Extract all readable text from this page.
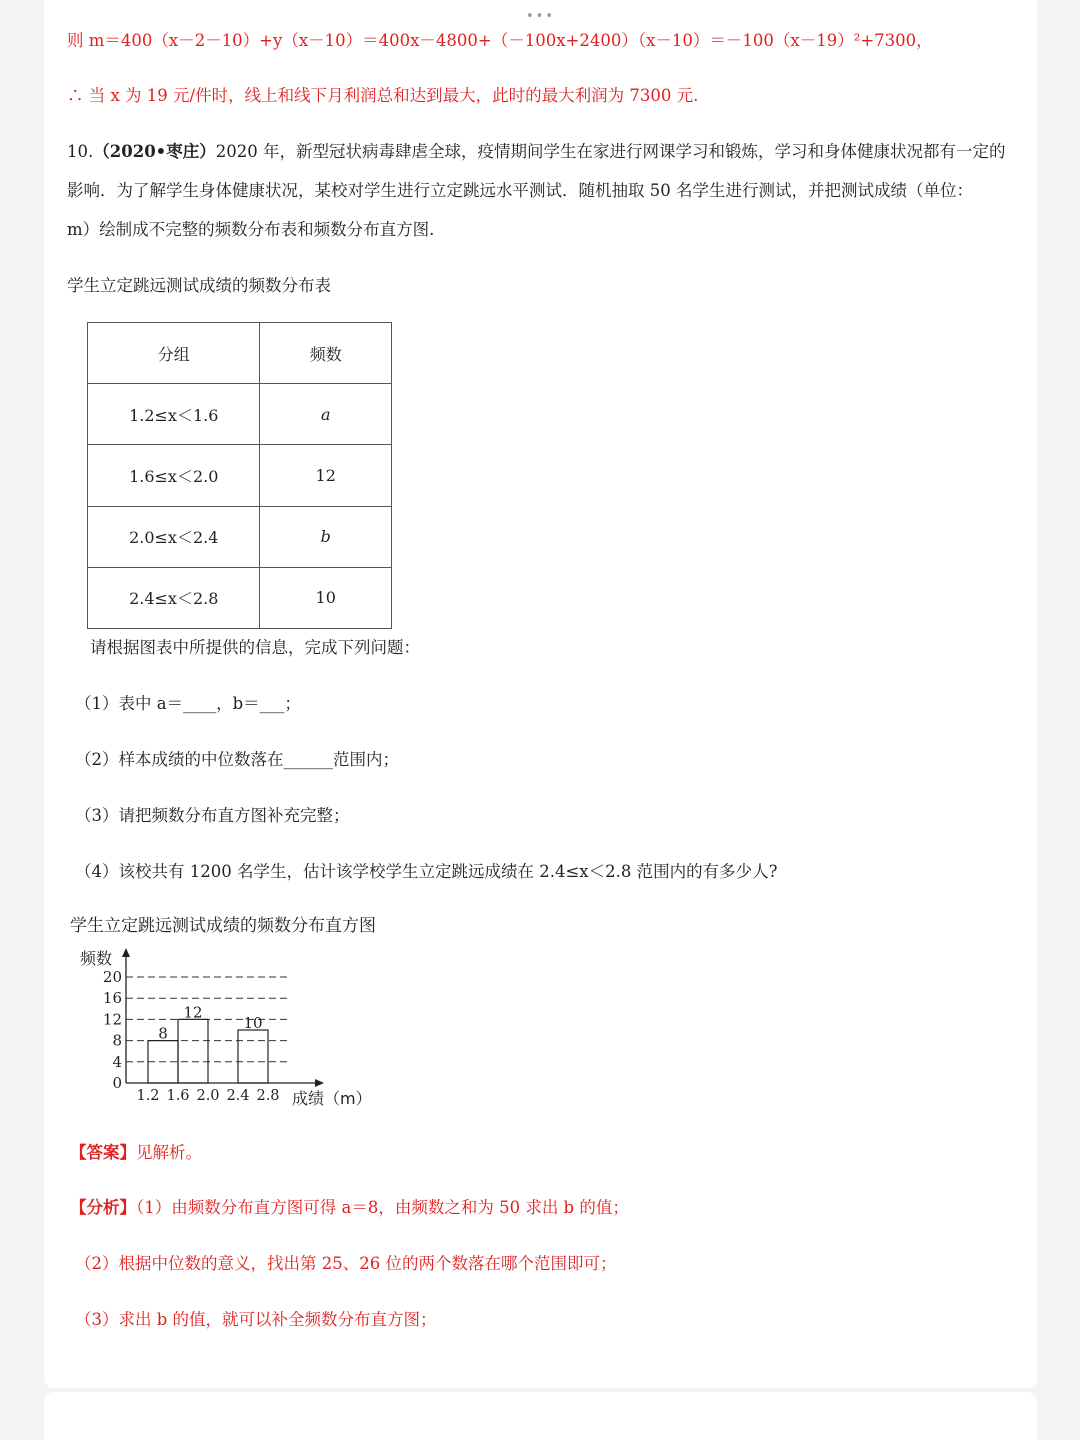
•••
则 m＝400（x－2－10）+y（x－10）＝400x－4800+（－100x+2400）（x－10）＝－100（x－19）²+7300，
∴ 当 x 为 19 元/件时，线上和线下月利润总和达到最大，此时的最大利润为 7300 元.
10.（2020•枣庄）2020 年，新型冠状病毒肆虐全球，疫情期间学生在家进行网课学习和锻炼，学习和身体健康状况都有一定的
影响．为了解学生身体健康状况，某校对学生进行立定跳远水平测试．随机抽取 50 名学生进行测试，并把测试成绩（单位：
m）绘制成不完整的频数分布表和频数分布直方图.
学生立定跳远测试成绩的频数分布表
分组	频数
1.2≤x＜1.6	a
1.6≤x＜2.0	12
2.0≤x＜2.4	b
2.4≤x＜2.8	10
请根据图表中所提供的信息，完成下列问题：
（1）表中 a＝____，b＝___；
（2）样本成绩的中位数落在______范围内；
（3）请把频数分布直方图补充完整；
（4）该校共有 1200 名学生，估计该学校学生立定跳远成绩在 2.4≤x＜2.8 范围内的有多少人?
学生立定跳远测试成绩的频数分布直方图
0
4
8
12
16
20
1.2 1.6 2.0 2.4 2.8
8
12
10
频数
成绩（m）
【答案】见解析。
【分析】（1）由频数分布直方图可得 a＝8，由频数之和为 50 求出 b 的值；
（2）根据中位数的意义，找出第 25、26 位的两个数落在哪个范围即可；
（3）求出 b 的值，就可以补全频数分布直方图；
